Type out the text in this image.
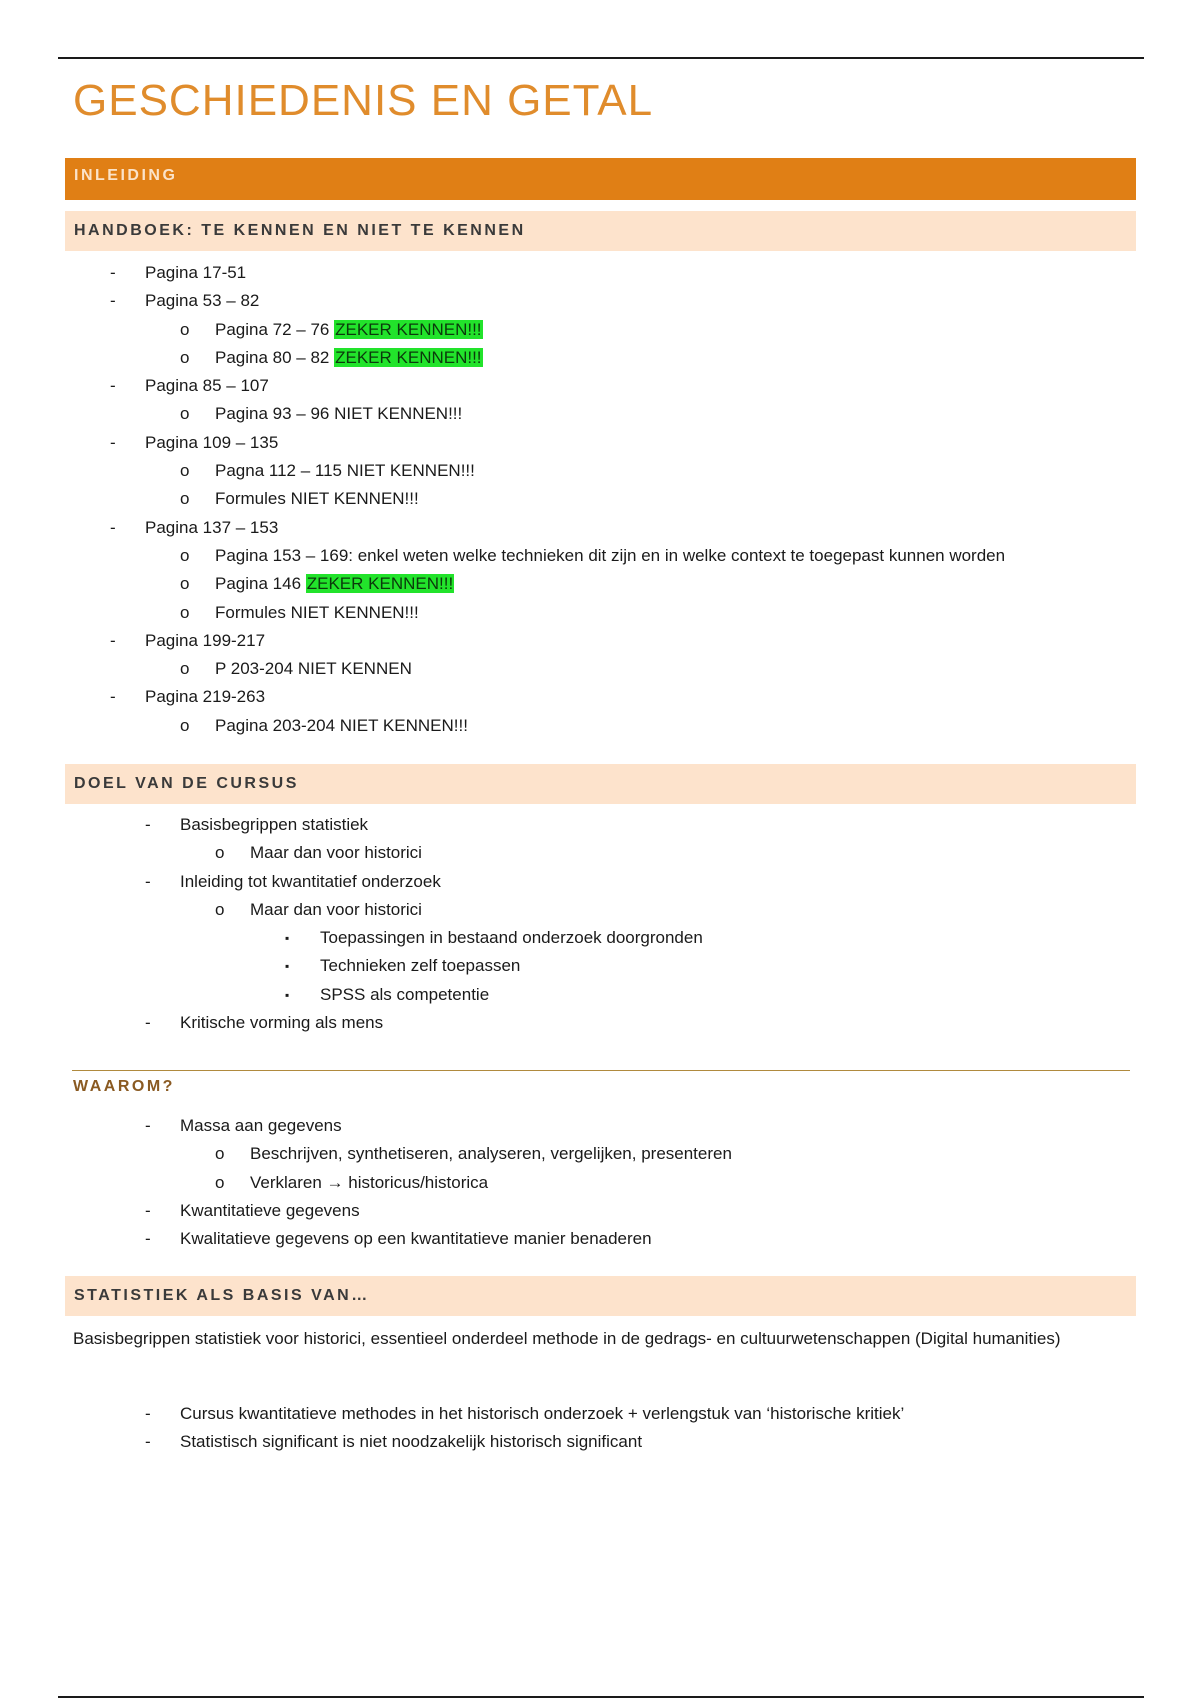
GESCHIEDENIS EN GETAL
INLEIDING
HANDBOEK: TE KENNEN EN NIET TE KENNEN
- Pagina 17-51
- Pagina 53 – 82
o Pagina 72 – 76 ZEKER KENNEN!!!
o Pagina 80 – 82 ZEKER KENNEN!!!
- Pagina 85 – 107
o Pagina 93 – 96 NIET KENNEN!!!
- Pagina 109 – 135
o Pagna 112 – 115 NIET KENNEN!!!
o Formules NIET KENNEN!!!
- Pagina 137 – 153
o Pagina 153 – 169: enkel weten welke technieken dit zijn en in welke context te toegepast kunnen worden
o Pagina 146 ZEKER KENNEN!!!
o Formules NIET KENNEN!!!
- Pagina 199-217
o P 203-204 NIET KENNEN
- Pagina 219-263
o Pagina 203-204 NIET KENNEN!!!
DOEL VAN DE CURSUS
- Basisbegrippen statistiek
o Maar dan voor historici
- Inleiding tot kwantitatief onderzoek
o Maar dan voor historici
▪ Toepassingen in bestaand onderzoek doorgronden
▪ Technieken zelf toepassen
▪ SPSS als competentie
- Kritische vorming als mens
WAAROM?
- Massa aan gegevens
o Beschrijven, synthetiseren, analyseren, vergelijken, presenteren
o Verklaren → historicus/historica
- Kwantitatieve gegevens
- Kwalitatieve gegevens op een kwantitatieve manier benaderen
STATISTIEK ALS BASIS VAN…
Basisbegrippen statistiek voor historici, essentieel onderdeel methode in de gedrags- en cultuurwetenschappen (Digital humanities)
- Cursus kwantitatieve methodes in het historisch onderzoek + verlengstuk van ‘historische kritiek’
- Statistisch significant is niet noodzakelijk historisch significant
